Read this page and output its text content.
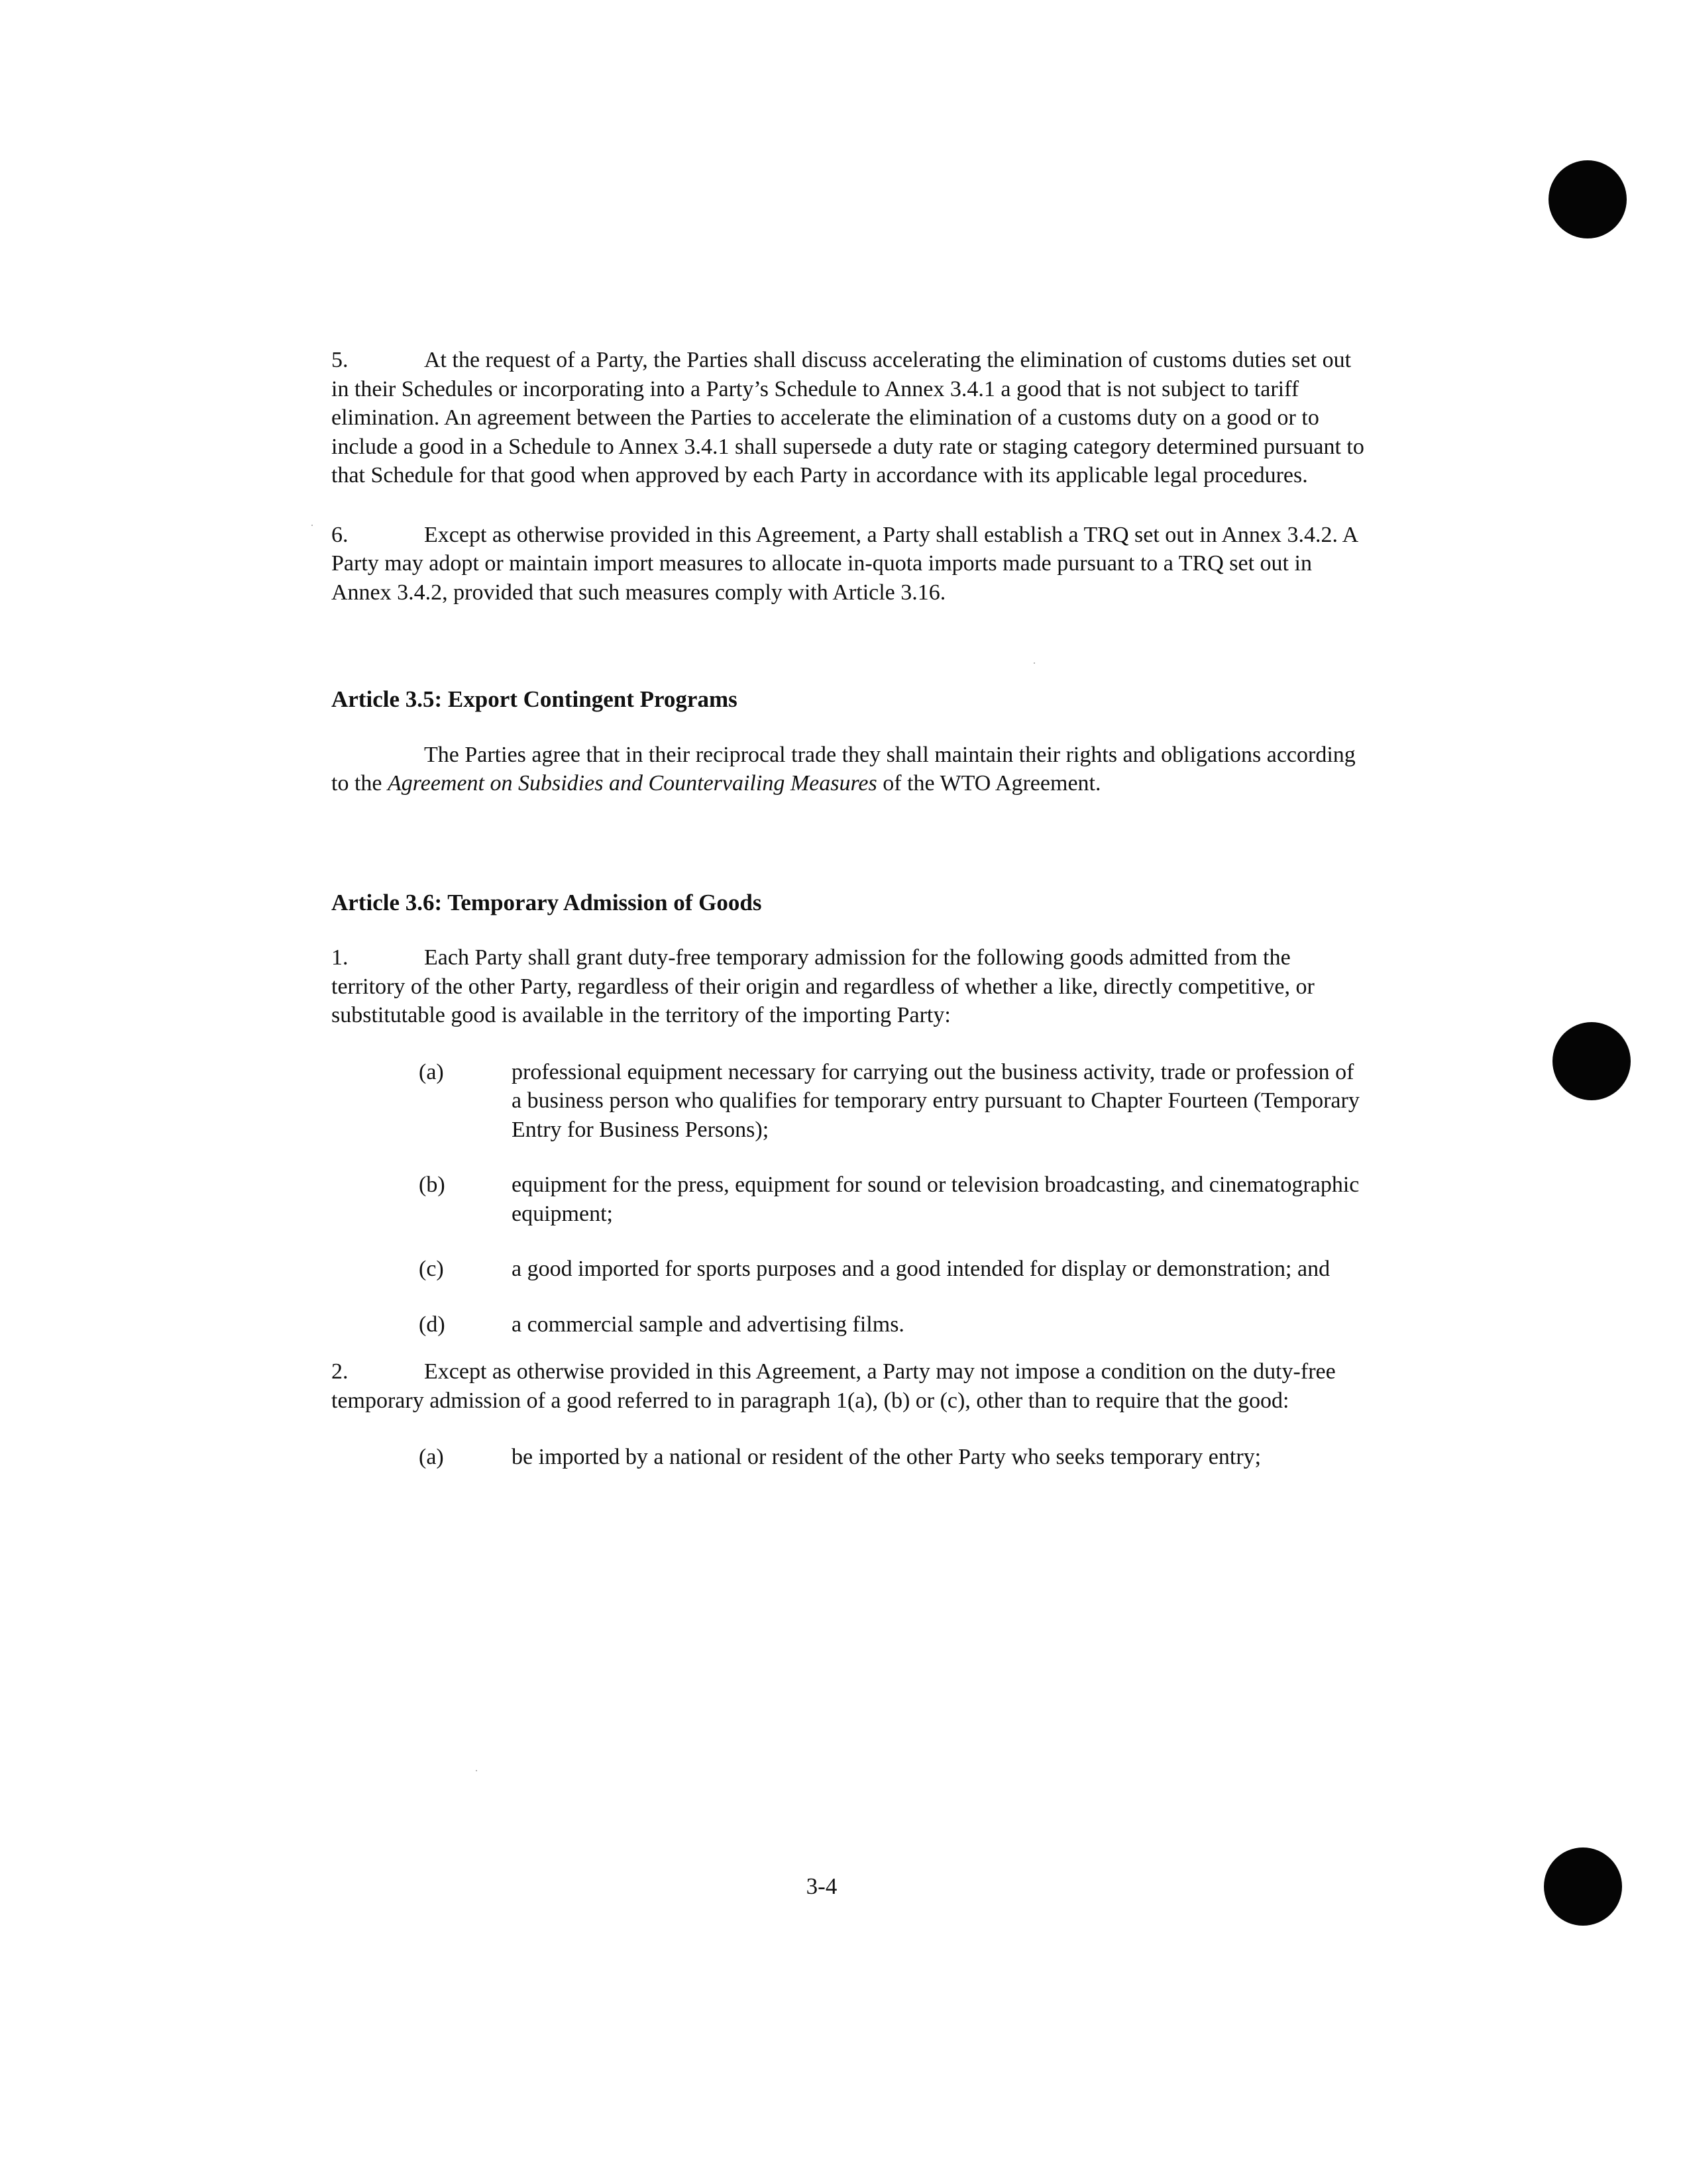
5.	At the request of a Party, the Parties shall discuss accelerating the elimination of customs duties set out in their Schedules or incorporating into a Party’s Schedule to Annex 3.4.1 a good that is not subject to tariff elimination. An agreement between the Parties to accelerate the elimination of a customs duty on a good or to include a good in a Schedule to Annex 3.4.1 shall supersede a duty rate or staging category determined pursuant to that Schedule for that good when approved by each Party in accordance with its applicable legal procedures.

6.	Except as otherwise provided in this Agreement, a Party shall establish a TRQ set out in Annex 3.4.2. A Party may adopt or maintain import measures to allocate in-quota imports made pursuant to a TRQ set out in Annex 3.4.2, provided that such measures comply with Article 3.16.

Article 3.5: Export Contingent Programs

The Parties agree that in their reciprocal trade they shall maintain their rights and obligations according to the Agreement on Subsidies and Countervailing Measures of the WTO Agreement.

Article 3.6: Temporary Admission of Goods

1.	Each Party shall grant duty-free temporary admission for the following goods admitted from the territory of the other Party, regardless of their origin and regardless of whether a like, directly competitive, or substitutable good is available in the territory of the importing Party:

(a)	professional equipment necessary for carrying out the business activity, trade or profession of a business person who qualifies for temporary entry pursuant to Chapter Fourteen (Temporary Entry for Business Persons);
(b)	equipment for the press, equipment for sound or television broadcasting, and cinematographic equipment;
(c)	a good imported for sports purposes and a good intended for display or demonstration; and
(d)	a commercial sample and advertising films.

2.	Except as otherwise provided in this Agreement, a Party may not impose a condition on the duty-free temporary admission of a good referred to in paragraph 1(a), (b) or (c), other than to require that the good:

(a)	be imported by a national or resident of the other Party who seeks temporary entry;
3-4
